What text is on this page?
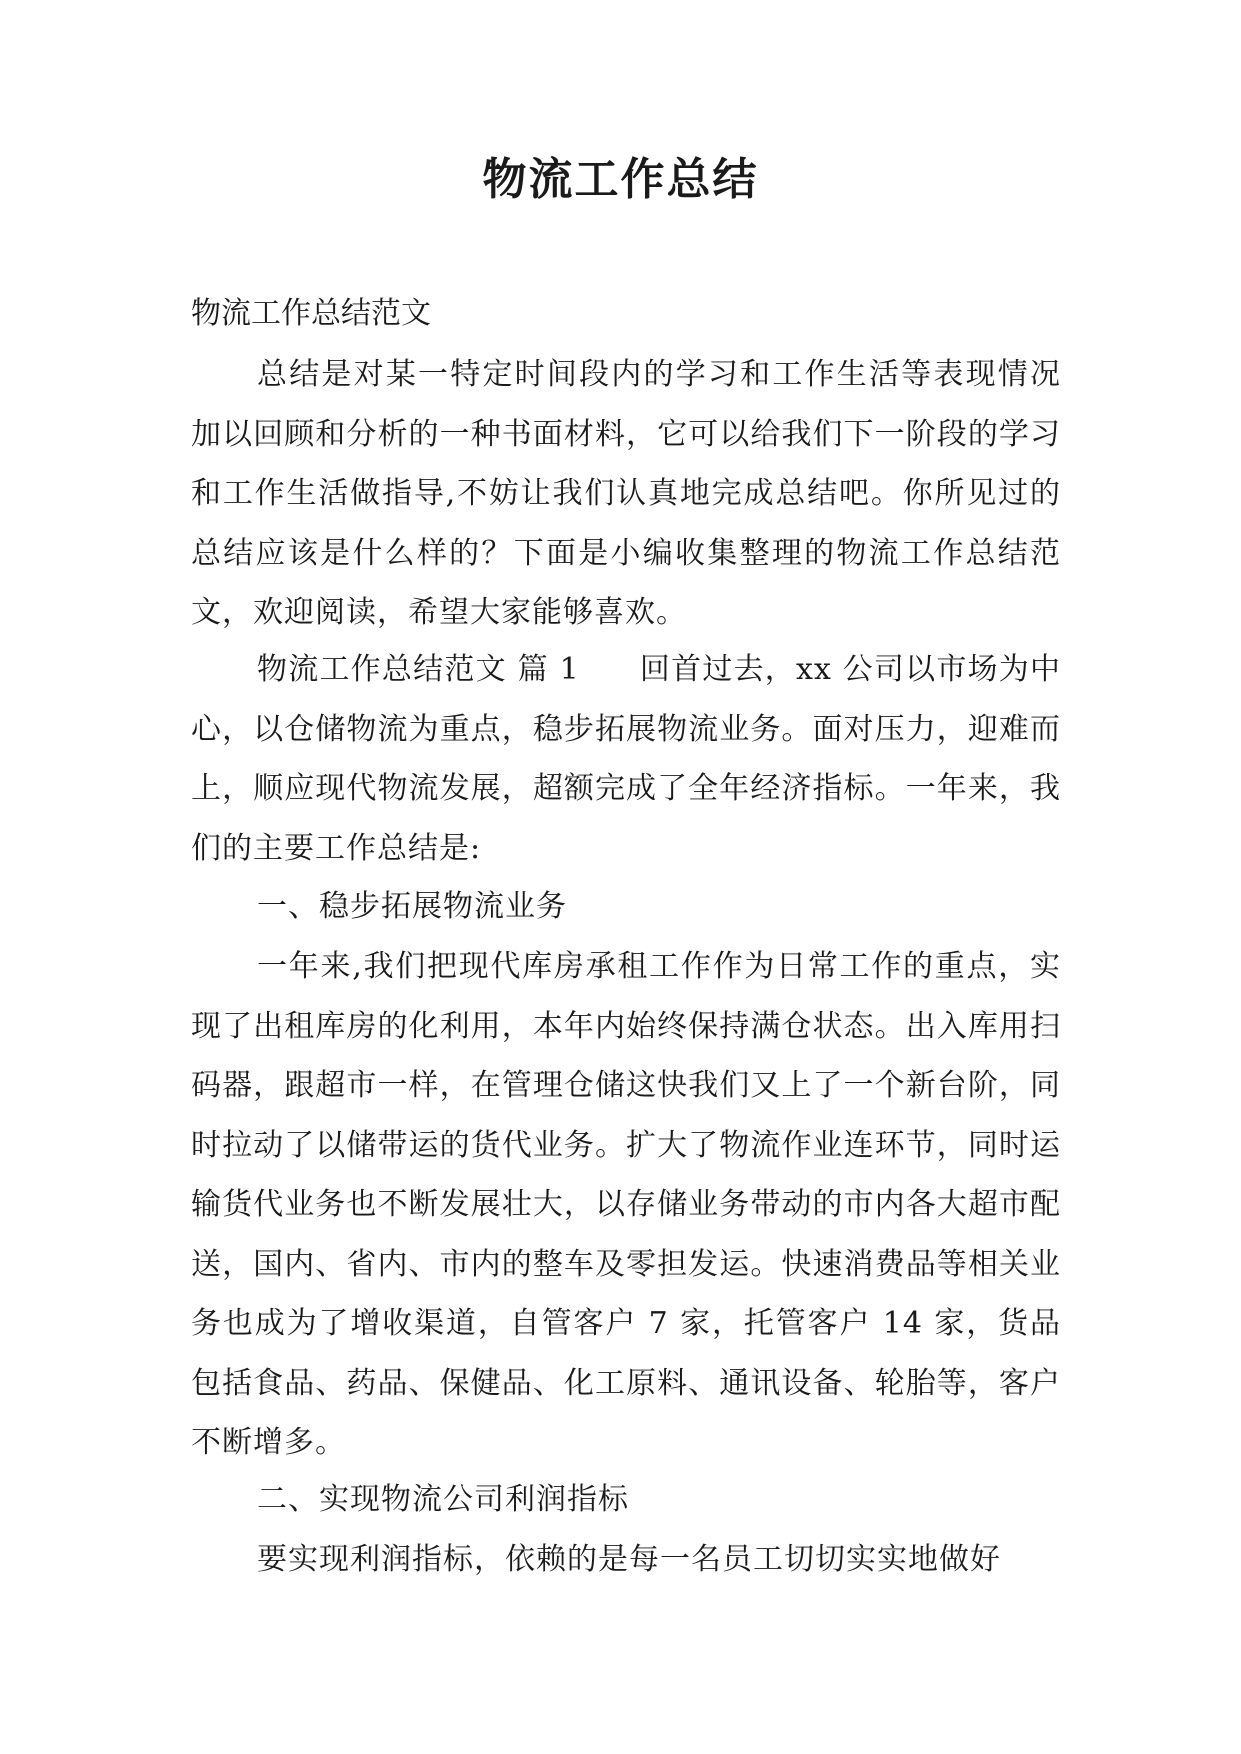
物流工作总结
物流工作总结范文
总结是对某一特定时间段内的学习和工作生活等表现情况加以回顾和分析的一种书面材料，它可以给我们下一阶段的学习和工作生活做指导,不妨让我们认真地完成总结吧。你所见过的总结应该是什么样的？下面是小编收集整理的物流工作总结范文，欢迎阅读，希望大家能够喜欢。
物流工作总结范文 篇 1 回首过去，xx 公司以市场为中心，以仓储物流为重点，稳步拓展物流业务。面对压力，迎难而上，顺应现代物流发展，超额完成了全年经济指标。一年来，我们的主要工作总结是:
一、稳步拓展物流业务
一年来,我们把现代库房承租工作作为日常工作的重点，实现了出租库房的化利用，本年内始终保持满仓状态。出入库用扫码器，跟超市一样，在管理仓储这快我们又上了一个新台阶，同时拉动了以储带运的货代业务。扩大了物流作业连环节，同时运输货代业务也不断发展壮大，以存储业务带动的市内各大超市配送，国内、省内、市内的整车及零担发运。快速消费品等相关业务也成为了增收渠道，自管客户 7 家，托管客户 14 家，货品包括食品、药品、保健品、化工原料、通讯设备、轮胎等，客户不断增多。
二、实现物流公司利润指标
要实现利润指标，依赖的是每一名员工切切实实地做好
